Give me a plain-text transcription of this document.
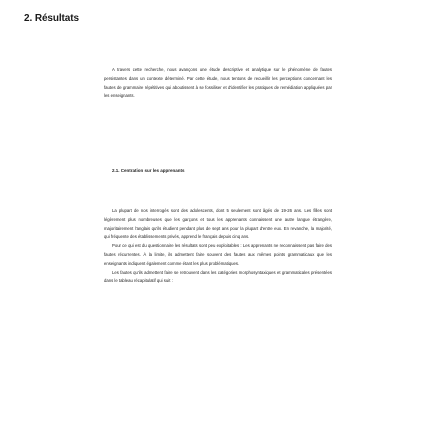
2. Résultats

A travers cette recherche, nous avançons une étude descriptive et analytique sur le phénomène de fautes persistantes dans un contexte déterminé. Par cette étude, nous tentons de recueillir les perceptions concernant les fautes de grammaire répétitives qui aboutissent à se fossiliser et d'identifier les pratiques de remédiation appliquées par les enseignants.

2.1. Centration sur les apprenants

La plupart de nos interrogés sont des adolescents, dont 5 seulement sont âgés de 19-26 ans. Les filles sont légèrement plus nombreuses que les garçons et tous les apprenants connaissent une autre langue étrangère, majoritairement l'anglais qu'ils étudient pendant plus de sept ans pour la plupart d'entre eux. En revanche, la majorité, qui fréquente des établissements privés, apprend le français depuis cinq ans.

Pour ce qui est du questionnaire les résultats sont peu exploitables : Les apprenants ne reconnaissent pas faire des fautes récurrentes. À la limite, ils admettent faire souvent des fautes aux mêmes points grammaticaux que les enseignants indiquent également comme étant les plus problématiques.

Les fautes qu'ils admettent faire se retrouvent dans les catégories morphosyntaxiques et grammaticales présentées dans le tableau récapitulatif qui suit :
